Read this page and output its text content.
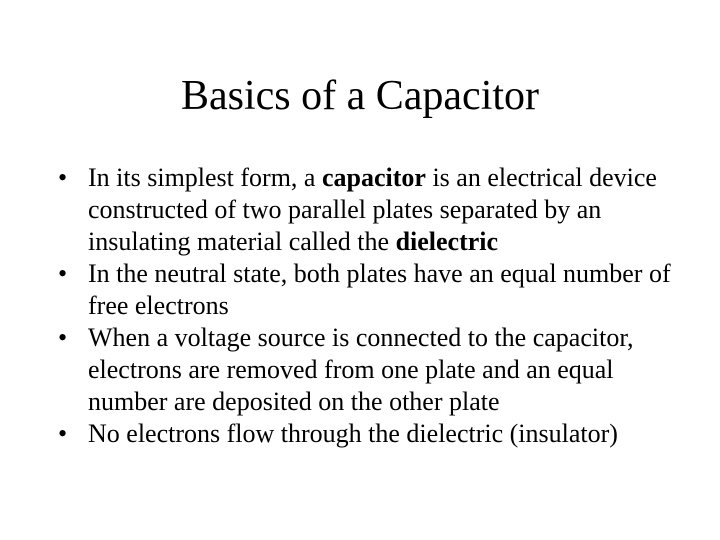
Basics of a Capacitor
• In its simplest form, a capacitor is an electrical device constructed of two parallel plates separated by an insulating material called the dielectric
• In the neutral state, both plates have an equal number of free electrons
• When a voltage source is connected to the capacitor, electrons are removed from one plate and an equal number are deposited on the other plate
• No electrons flow through the dielectric (insulator)
